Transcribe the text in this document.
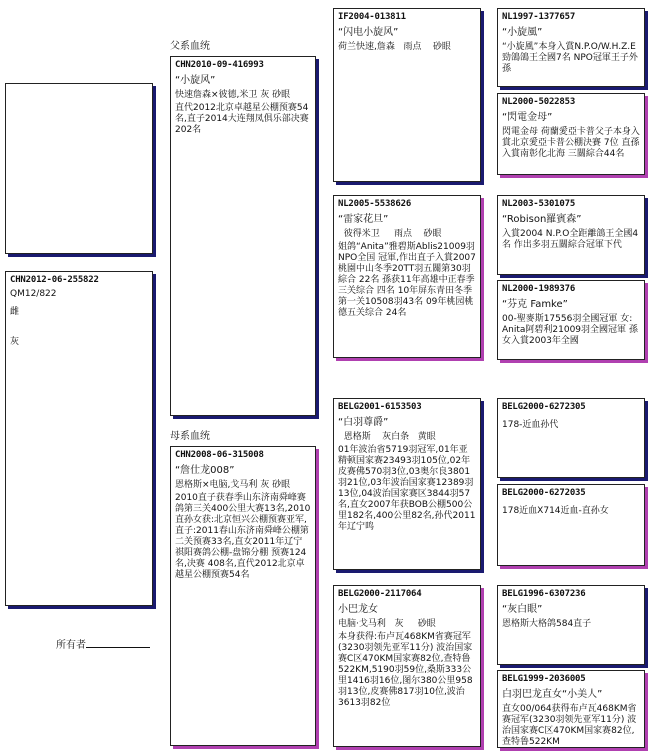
父系血统
母系血统
CHN2012-06-255822
QM12/822
雌
灰
CHN2010-09-416993
“小旋风”
快速詹森×彼德,米卫 灰 砂眼
直代2012北京卓越星公棚预赛54名,直子2014大连翔凤俱乐部决赛202名
CHN2008-06-315008
“詹仕龙008”
恩格斯×电脑,戈马利 灰 砂眼
2010直子获春季山东济南舜峰赛鸽第三关400公里大赛13名,2010直孙女获:北京恒兴公棚预赛亚军,直子:2011春山东济南舜峰公棚第二关预赛33名,直女2011年辽宁祺阳赛鸽公棚-盘锦分棚 预赛124名,决赛 408名,直代2012北京卓越星公棚预赛54名
IF2004-013811
“闪电小旋风”
荷兰快速,詹森   雨点    砂眼
NL2005-5538626
“雷家花旦”
彼得米卫     雨点    砂眼
姐鸽“Anita”雅碧斯Ablis21009羽NPO全国 冠軍,作出直子入賞2007桃園中山冬季20TT羽五關第30羽綜合 22名 孫获11年高雄中正春季三关综合 四名 10年屏东青田冬季第一关10508羽43名 09年桃园桃德五关综合 24名
BELG2001-6153503
“白羽尊爵”
恩格斯    灰白条   黄眼
01年波治省5719羽冠军,01年亚精顿国家赛23493羽105位,02年皮赛佛570羽3位,03奥尔良3801羽21位,03年波治国家赛12389羽13位,04波治国家赛区3844羽57名,直女2007年获BOB公棚500公里182名,400公里82名,孙代2011年辽宁鸣
BELG2000-2117064
小巴龙女
电脑·戈马利   灰     砂眼
本身获得:布卢瓦468KM省赛冠军(3230羽领先亚军11分) 波治国家赛C区470KM国家赛82位,查特鲁522KM,5190羽59位,桑斯333公里1416羽16位,图尔380公里958羽13位,皮赛佛817羽10位,波治3613羽82位
NL1997-1377657
“小旋風”
“小旋風”本身入賞N.P.O/W.H.Z.E勁鴿鴿王全國7名 NPO冠軍王子外孫
NL2000-5022853
“閃電金母”
閃電金母 荷蘭愛亞卡普父子本身入賞北京愛亞卡普公棚決賽 7位 直孫入賞南彰化北海 三關綜合44名
NL2003-5301075
“Robison羅賓森”
入賞2004 N.P.O全距離鴿王全國4名 作出多羽五關綜合冠軍下代
NL2000-1989376
“芬克 Famke”
00-聖麥斯17556羽全國冠軍 女: Anita阿碧利21009羽全國冠軍 孫女入賞2003年全國
BELG2000-6272305
178-近血孙代
BELG2000-6272035
178近血X714近血-直孙女
BELG1996-6307236
“灰白眼”
恩格斯大格鸽584直子
BELG1999-2036005
白羽巴龙直女“小美人”
直女00/064获得布卢瓦468KM省赛冠军(3230羽领先亚军11分) 波治国家赛C区470KM国家赛82位,查特鲁522KM
所有者
